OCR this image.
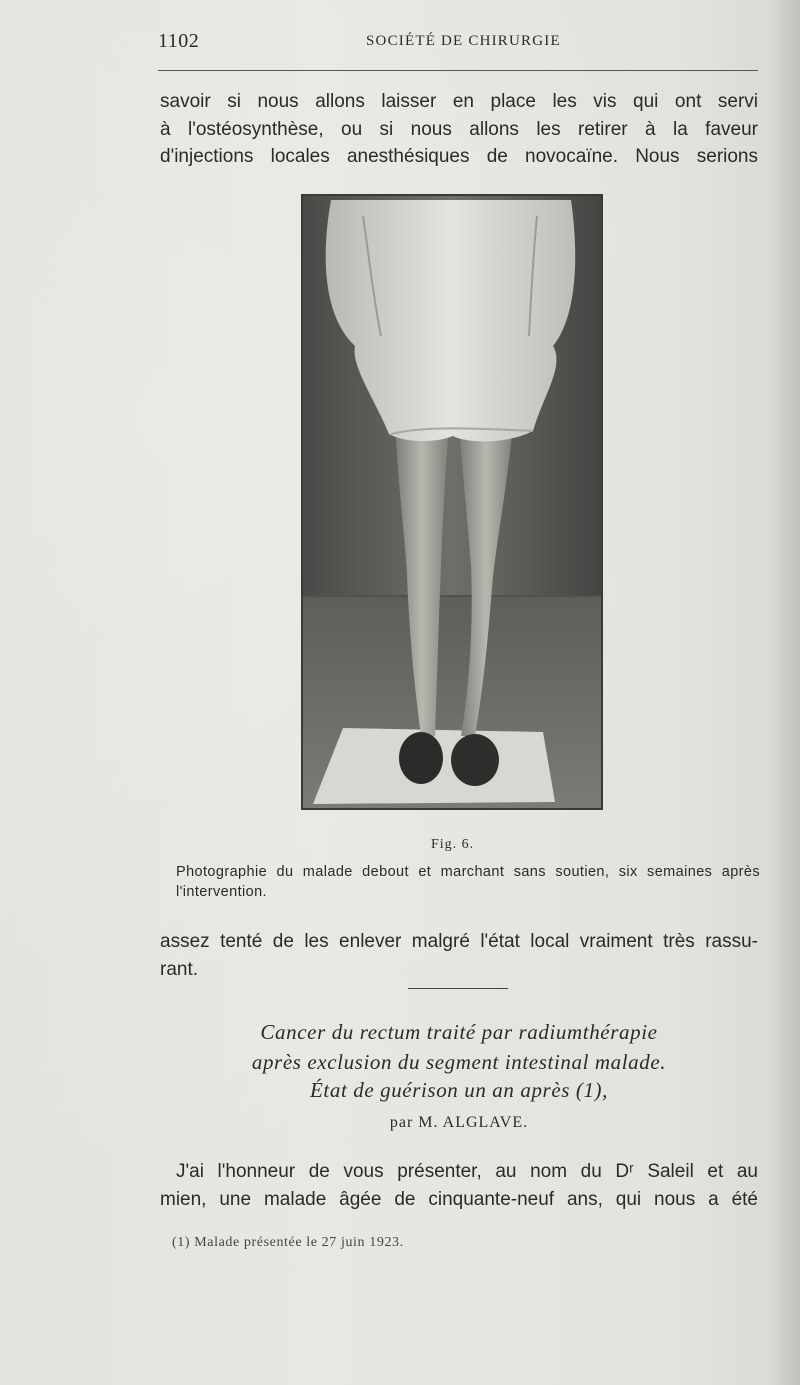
1102	SOCIÉTÉ DE CHIRURGIE
savoir si nous allons laisser en place les vis qui ont servi
à l'ostéosynthèse, ou si nous allons les retirer à la faveur
d'injections locales anesthésiques de novocaïne. Nous serions
Fig. 6.
Photographie du malade debout et marchant sans soutien, six semaines après l'intervention.
assez tenté de les enlever malgré l'état local vraiment très rassu-
rant.
Cancer du rectum traité par radiumthérapie
après exclusion du segment intestinal malade.
État de guérison un an après (1),
par M. ALGLAVE.
J'ai l'honneur de vous présenter, au nom du Dʳ Saleil et au
mien, une malade âgée de cinquante-neuf ans, qui nous a été
(1) Malade présentée le 27 juin 1923.
